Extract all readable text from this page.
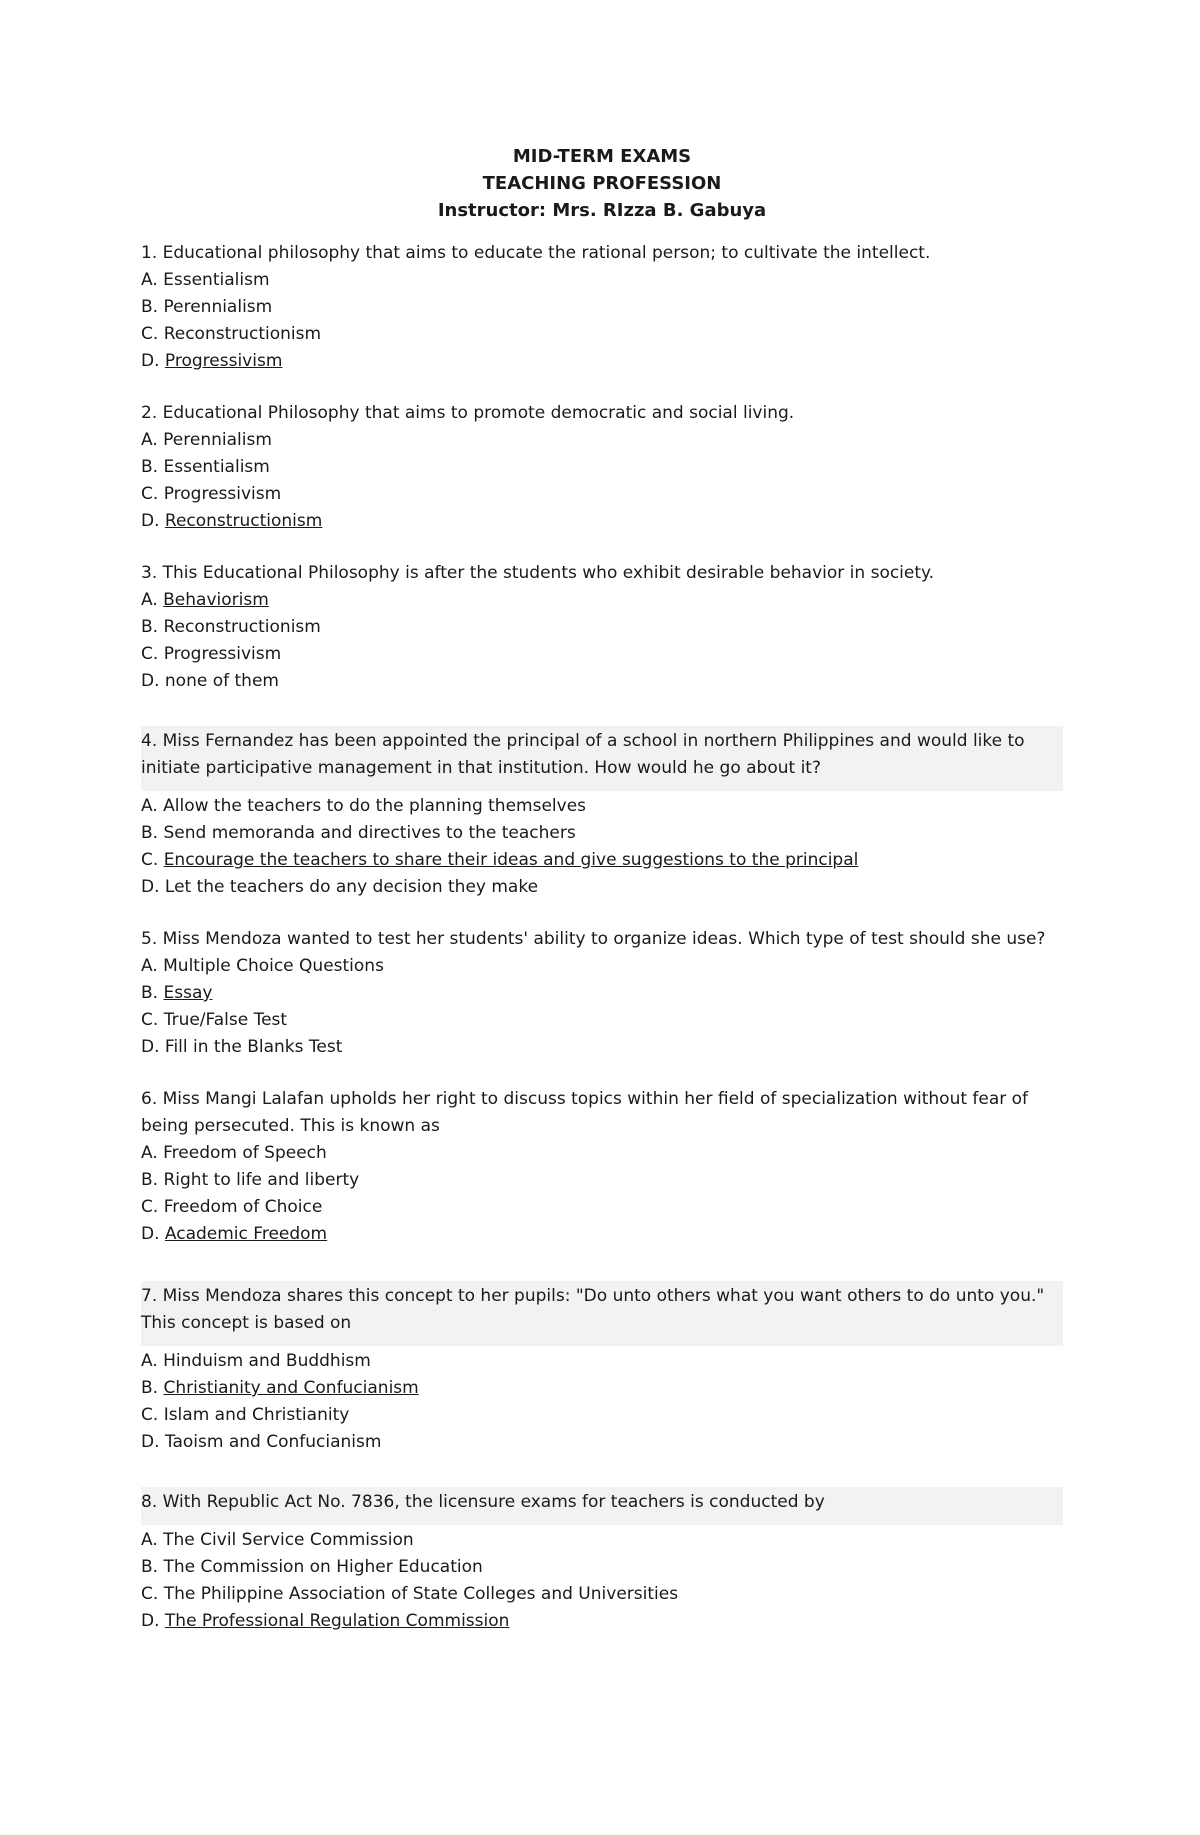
MID-TERM EXAMS
TEACHING PROFESSION
Instructor: Mrs. RIzza B. Gabuya

1. Educational philosophy that aims to educate the rational person; to cultivate the intellect.

A. Essentialism

B. Perennialism

C. Reconstructionism

D. Progressivism

2. Educational Philosophy that aims to promote democratic and social living.

A. Perennialism

B. Essentialism

C. Progressivism

D. Reconstructionism

3. This Educational Philosophy is after the students who exhibit desirable behavior in society.

A. Behaviorism

B. Reconstructionism

C. Progressivism

D. none of them

4. Miss Fernandez has been appointed the principal of a school in northern Philippines and would like to initiate participative management in that institution. How would he go about it?

A. Allow the teachers to do the planning themselves

B. Send memoranda and directives to the teachers

C. Encourage the teachers to share their ideas and give suggestions to the principal

D. Let the teachers do any decision they make

5. Miss Mendoza wanted to test her students' ability to organize ideas. Which type of test should she use?

A. Multiple Choice Questions

B. Essay

C. True/False Test

D. Fill in the Blanks Test

6. Miss Mangi Lalafan upholds her right to discuss topics within her field of specialization without fear of being persecuted. This is known as

A. Freedom of Speech

B. Right to life and liberty

C. Freedom of Choice

D. Academic Freedom

7. Miss Mendoza shares this concept to her pupils: "Do unto others what you want others to do unto you." This concept is based on

A. Hinduism and Buddhism

B. Christianity and Confucianism

C. Islam and Christianity

D. Taoism and Confucianism

8. With Republic Act No. 7836, the licensure exams for teachers is conducted by

A. The Civil Service Commission

B. The Commission on Higher Education

C. The Philippine Association of State Colleges and Universities

D. The Professional Regulation Commission
